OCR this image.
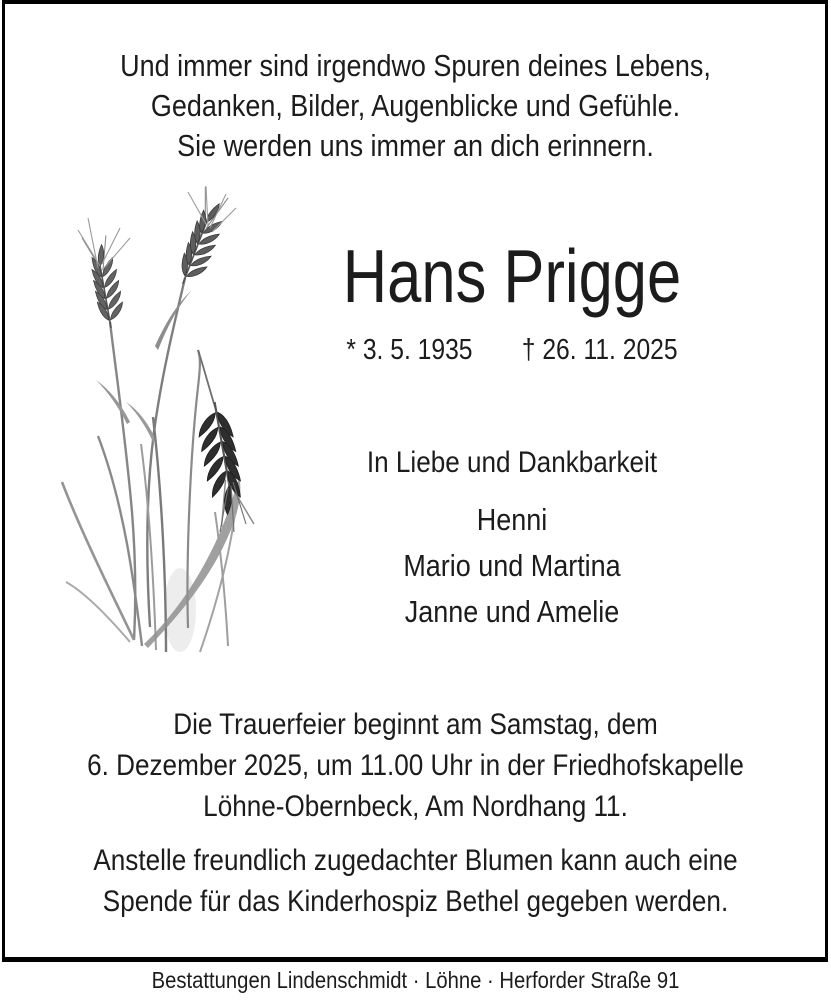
Und immer sind irgendwo Spuren deines Lebens,
Gedanken, Bilder, Augenblicke und Gefühle.
Sie werden uns immer an dich erinnern.
Hans Prigge
* 3. 5. 1935 † 26. 11. 2025
In Liebe und Dankbarkeit
Henni
Mario und Martina
Janne und Amelie
Die Trauerfeier beginnt am Samstag, dem
6. Dezember 2025, um 11.00 Uhr in der Friedhofskapelle
Löhne-Obernbeck, Am Nordhang 11.
Anstelle freundlich zugedachter Blumen kann auch eine
Spende für das Kinderhospiz Bethel gegeben werden.
Bestattungen Lindenschmidt · Löhne · Herforder Straße 91
